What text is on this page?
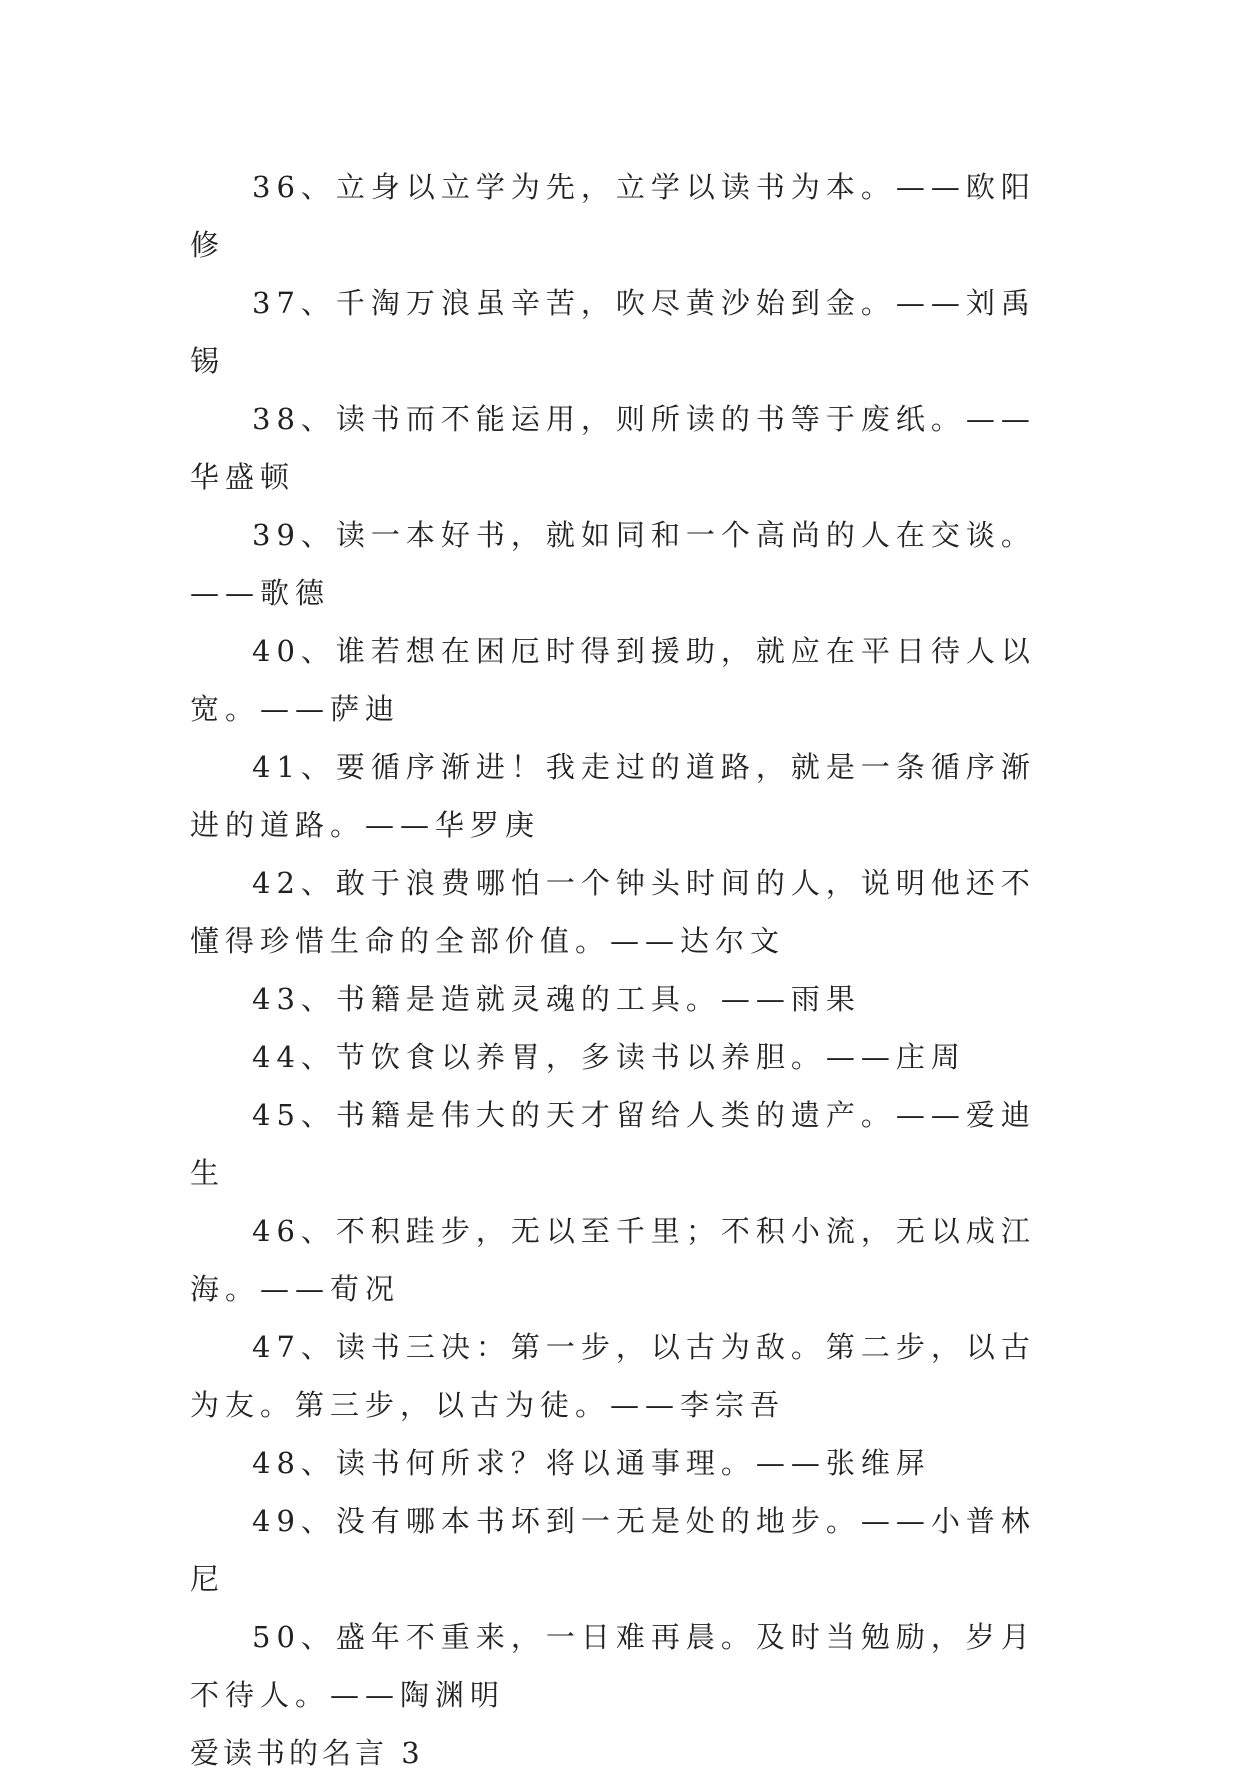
36、立身以立学为先，立学以读书为本。——欧阳修

37、千淘万浪虽辛苦，吹尽黄沙始到金。——刘禹锡

38、读书而不能运用，则所读的书等于废纸。——华盛顿

39、读一本好书，就如同和一个高尚的人在交谈。——歌德

40、谁若想在困厄时得到援助，就应在平日待人以宽。——萨迪

41、要循序渐进！我走过的道路，就是一条循序渐进的道路。——华罗庚

42、敢于浪费哪怕一个钟头时间的人，说明他还不懂得珍惜生命的全部价值。——达尔文

43、书籍是造就灵魂的工具。——雨果

44、节饮食以养胃，多读书以养胆。——庄周

45、书籍是伟大的天才留给人类的遗产。——爱迪生

46、不积跬步，无以至千里；不积小流，无以成江海。——荀况

47、读书三决：第一步，以古为敌。第二步，以古为友。第三步，以古为徒。——李宗吾

48、读书何所求？将以通事理。——张维屏

49、没有哪本书坏到一无是处的地步。——小普林尼

50、盛年不重来，一日难再晨。及时当勉励，岁月不待人。——陶渊明

爱读书的名言 3
